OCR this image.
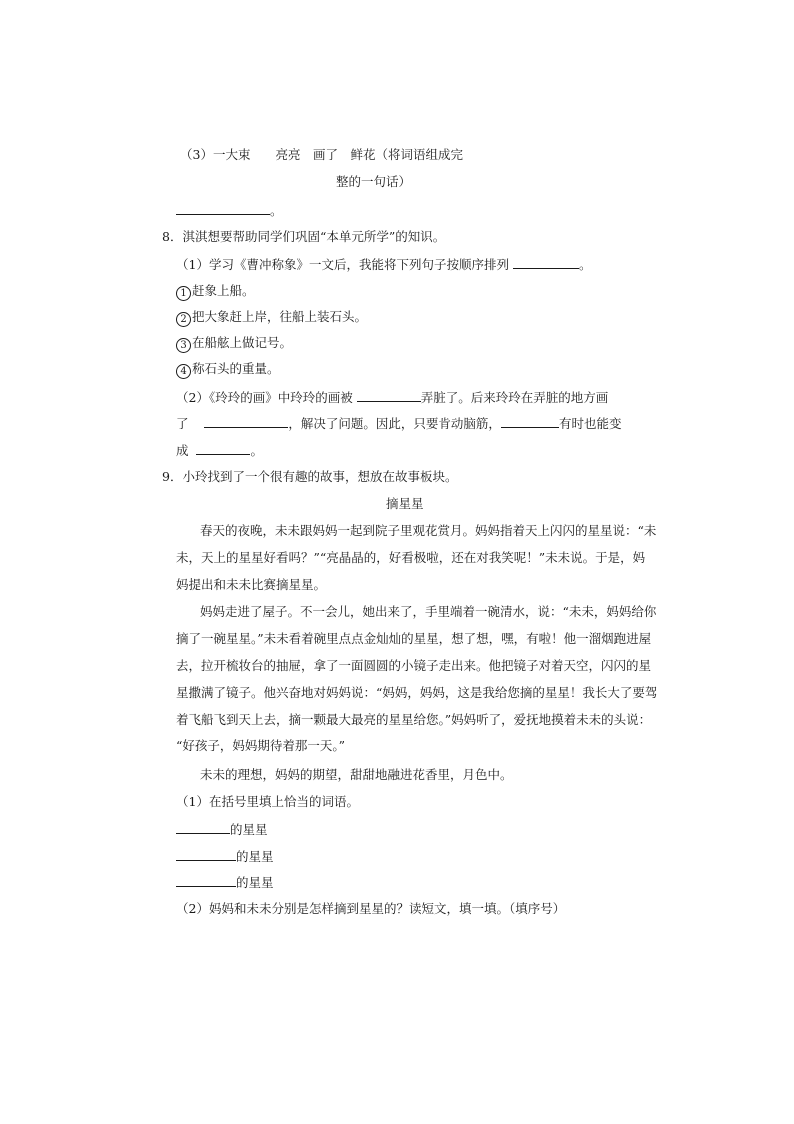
（3）一大束　　亮亮　画了　鲜花（将词语组成完
整的一句话）
。
8．淇淇想要帮助同学们巩固“本单元所学”的知识。
（1）学习《曹冲称象》一文后，我能将下列句子按顺序排列	。
1 赶象上船。
2 把大象赶上岸，往船上装石头。
3 在船舷上做记号。
4 称石头的重量。
（2）《玲玲的画》中玲玲的画被	弄脏了。后来玲玲在弄脏的地方画
了	，解决了问题。因此，只要肯动脑筋，	有时也能变
成	。
9．小玲找到了一个很有趣的故事，想放在故事板块。
摘星星
春天的夜晚，未未跟妈妈一起到院子里观花赏月。妈妈指着天上闪闪的星星说：“未
未，天上的星星好看吗？”“亮晶晶的，好看极啦，还在对我笑呢！”未未说。于是，妈
妈提出和未未比赛摘星星。
妈妈走进了屋子。不一会儿，她出来了，手里端着一碗清水，说：“未未，妈妈给你
摘了一碗星星。”未未看着碗里点点金灿灿的星星，想了想，嘿，有啦！他一溜烟跑进屋
去，拉开梳妆台的抽屉，拿了一面圆圆的小镜子走出来。他把镜子对着天空，闪闪的星
星撒满了镜子。他兴奋地对妈妈说：“妈妈，妈妈，这是我给您摘的星星！我长大了要驾
着飞船飞到天上去，摘一颗最大最亮的星星给您。”妈妈听了，爱抚地摸着未未的头说：
“好孩子，妈妈期待着那一天。”
未未的理想，妈妈的期望，甜甜地融进花香里，月色中。
（1）在括号里填上恰当的词语。
的星星
的星星
的星星
（2）妈妈和未未分别是怎样摘到星星的？读短文，填一填。（填序号）
